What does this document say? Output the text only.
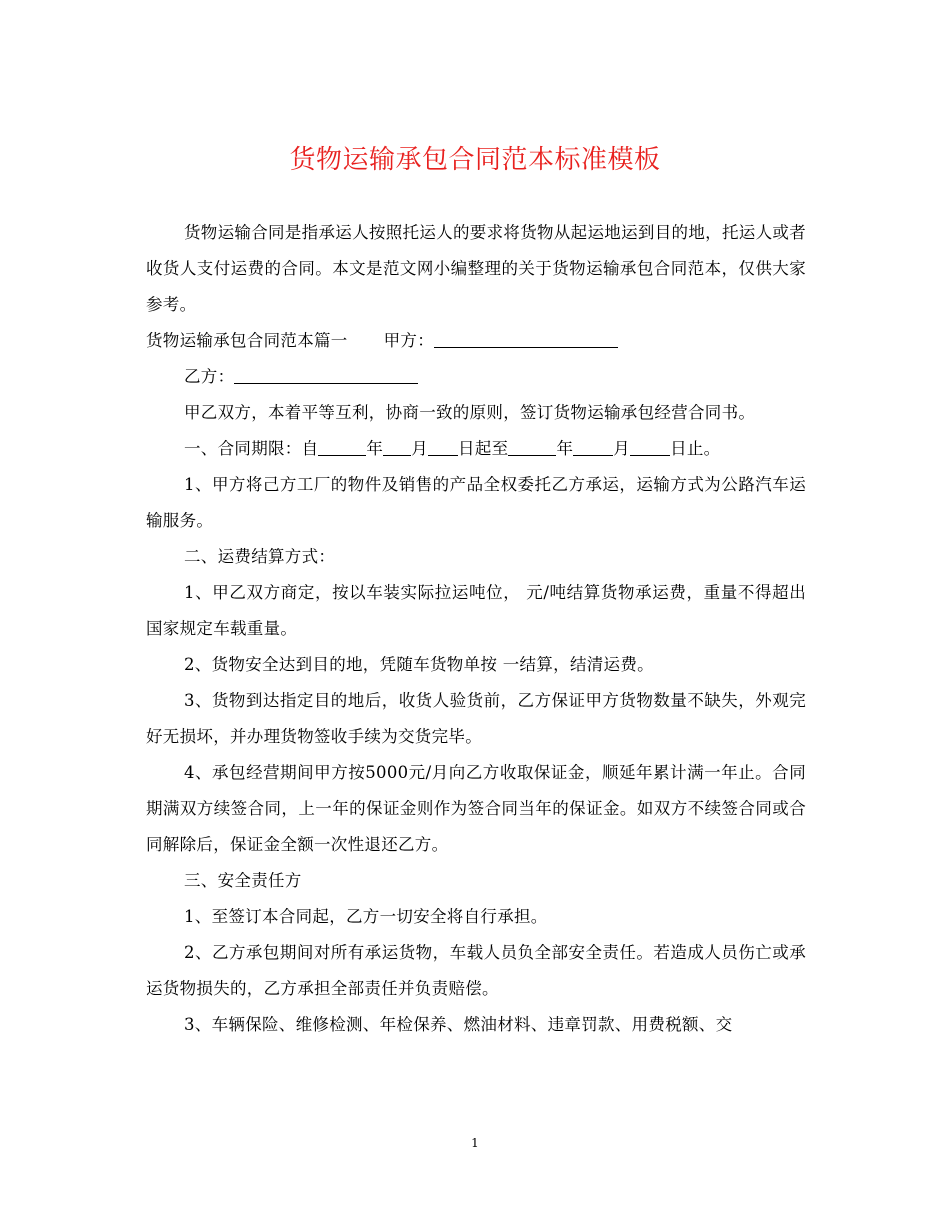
货物运输承包合同范本标准模板

货物运输合同是指承运人按照托运人的要求将货物从起运地运到目的地，托运人或者收货人支付运费的合同。本文是范文网小编整理的关于货物运输承包合同范本，仅供大家参考。

货物运输承包合同范本篇一 甲方：

乙方：

甲乙双方，本着平等互利，协商一致的原则，签订货物运输承包经营合同书。

一、合同期限：自	年 月 日起至	年 月 日止。

1、甲方将己方工厂的物件及销售的产品全权委托乙方承运，运输方式为公路汽车运输服务。

二、运费结算方式：

1、甲乙双方商定，按以车装实际拉运吨位， 元/吨结算货物承运费，重量不得超出国家规定车载重量。

2、货物安全达到目的地，凭随车货物单按 一结算，结清运费。

3、货物到达指定目的地后，收货人验货前，乙方保证甲方货物数量不缺失，外观完好无损坏，并办理货物签收手续为交货完毕。

4、承包经营期间甲方按5000元/月向乙方收取保证金，顺延年累计满一年止。合同期满双方续签合同，上一年的保证金则作为签合同当年的保证金。如双方不续签合同或合同解除后，保证金全额一次性退还乙方。

三、安全责任方

1、至签订本合同起，乙方一切安全将自行承担。

2、乙方承包期间对所有承运货物，车载人员负全部安全责任。若造成人员伤亡或承运货物损失的，乙方承担全部责任并负责赔偿。

3、车辆保险、维修检测、年检保养、燃油材料、违章罚款、用费税额、交

1
